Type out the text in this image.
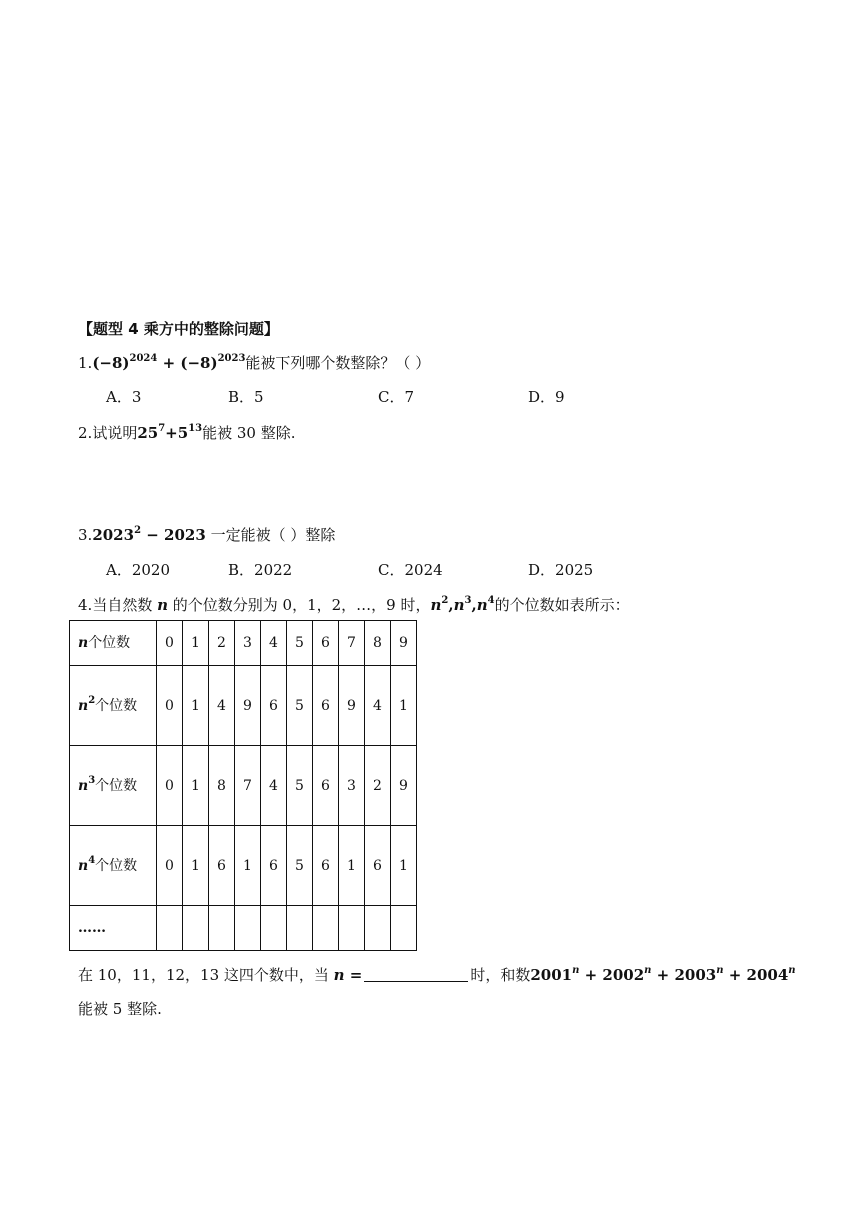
【题型 4 乘方中的整除问题】
$1.(-8)^{2024} + (-8)^{2023}$能被下列哪个数整除？（ ）
A．3	B．5	C．7	D．9
2.试说明$25^7+5^{13}$能被 30 整除.
$3.2023^2 - 2023$ 一定能被（ ）整除
A．2020	B．2022	C．2024	D．2025
4.当自然数 n 的个位数分别为 0，1，2，…，9 时，$n^2,n^3,n^4$的个位数如表所示：
n个位数	0	1	2	3	4	5	6	7	8	9
$n^2$个位数	0	1	4	9	6	5	6	9	4	1
$n^3$个位数	0	1	8	7	4	5	6	3	2	9
$n^4$个位数	0	1	6	1	6	5	6	1	6	1
……										
在 10，11，12，13 这四个数中，当 n =	时，和数$2001^n + 2002^n + 2003^n + 2004^n$
能被 5 整除.
